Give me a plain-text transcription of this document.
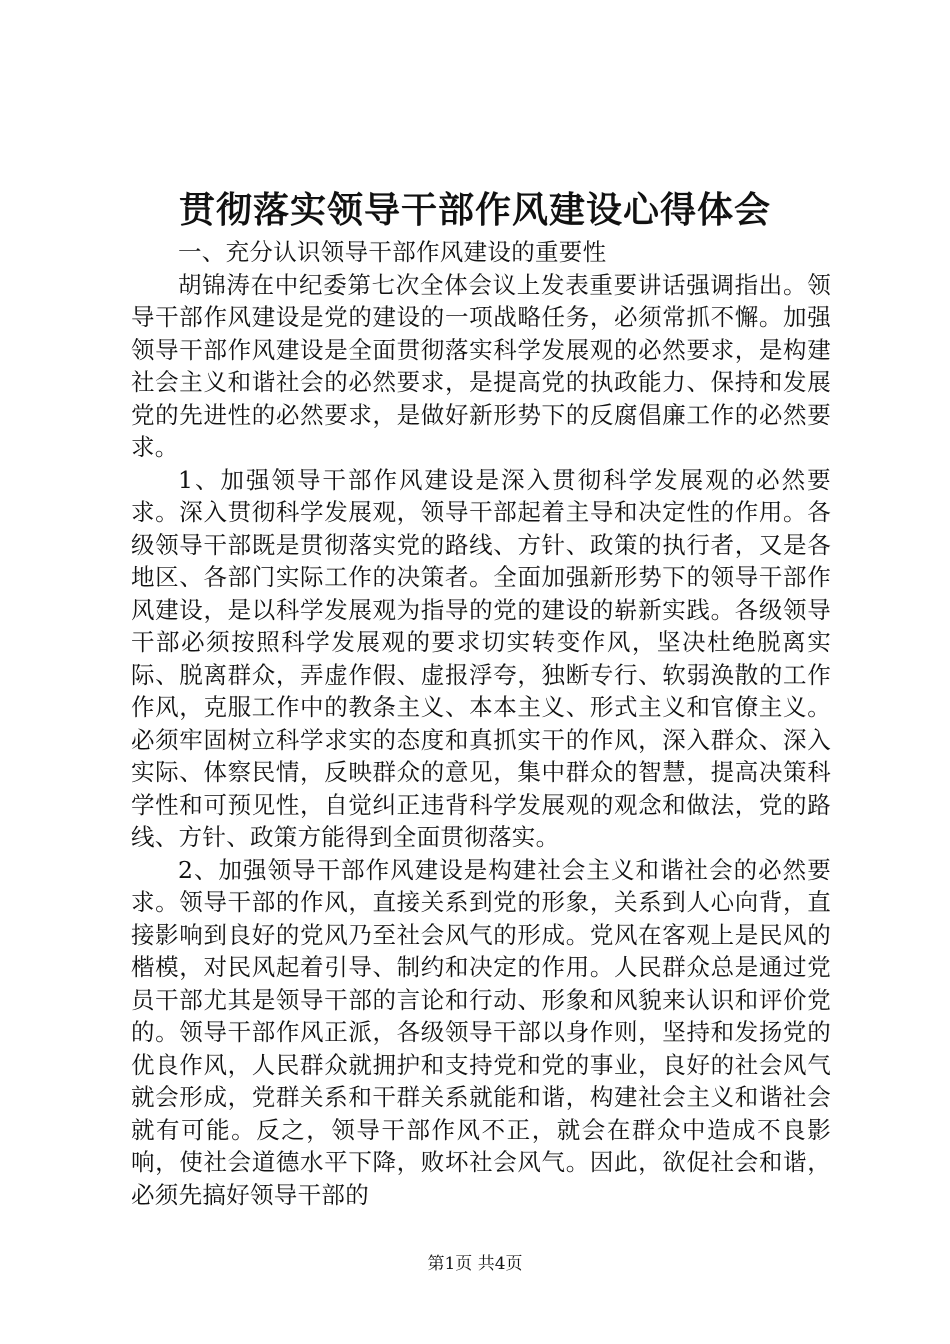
贯彻落实领导干部作风建设心得体会

一、充分认识领导干部作风建设的重要性

胡锦涛在中纪委第七次全体会议上发表重要讲话强调指出。领导干部作风建设是党的建设的一项战略任务，必须常抓不懈。加强领导干部作风建设是全面贯彻落实科学发展观的必然要求，是构建社会主义和谐社会的必然要求，是提高党的执政能力、保持和发展党的先进性的必然要求，是做好新形势下的反腐倡廉工作的必然要求。

1、加强领导干部作风建设是深入贯彻科学发展观的必然要求。深入贯彻科学发展观，领导干部起着主导和决定性的作用。各级领导干部既是贯彻落实党的路线、方针、政策的执行者，又是各地区、各部门实际工作的决策者。全面加强新形势下的领导干部作风建设，是以科学发展观为指导的党的建设的崭新实践。各级领导干部必须按照科学发展观的要求切实转变作风，坚决杜绝脱离实际、脱离群众，弄虚作假、虚报浮夸，独断专行、软弱涣散的工作作风，克服工作中的教条主义、本本主义、形式主义和官僚主义。必须牢固树立科学求实的态度和真抓实干的作风，深入群众、深入实际、体察民情，反映群众的意见，集中群众的智慧，提高决策科学性和可预见性，自觉纠正违背科学发展观的观念和做法，党的路线、方针、政策方能得到全面贯彻落实。

2、加强领导干部作风建设是构建社会主义和谐社会的必然要求。领导干部的作风，直接关系到党的形象，关系到人心向背，直接影响到良好的党风乃至社会风气的形成。党风在客观上是民风的楷模，对民风起着引导、制约和决定的作用。人民群众总是通过党员干部尤其是领导干部的言论和行动、形象和风貌来认识和评价党的。领导干部作风正派，各级领导干部以身作则，坚持和发扬党的优良作风，人民群众就拥护和支持党和党的事业，良好的社会风气就会形成，党群关系和干群关系就能和谐，构建社会主义和谐社会就有可能。反之，领导干部作风不正，就会在群众中造成不良影响，使社会道德水平下降，败坏社会风气。因此，欲促社会和谐，必须先搞好领导干部的

第1页 共4页
